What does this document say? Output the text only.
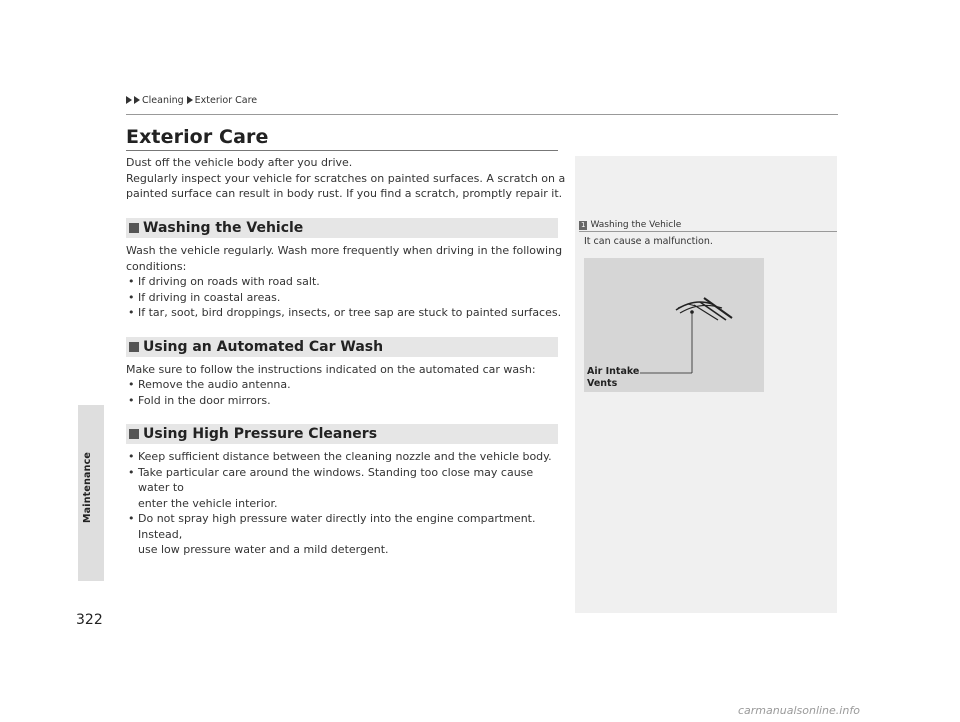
Maintenance
Cleaning Exterior Care
Exterior Care

Dust off the vehicle body after you drive.

Regularly inspect your vehicle for scratches on painted surfaces. A scratch on a

painted surface can result in body rust. If you find a scratch, promptly repair it.

Washing the Vehicle

Wash the vehicle regularly. Wash more frequently when driving in the following

conditions:

• If driving on roads with road salt.
• If driving in coastal areas.
• If tar, soot, bird droppings, insects, or tree sap are stuck to painted surfaces.
Using an Automated Car Wash

Make sure to follow the instructions indicated on the automated car wash:

• Remove the audio antenna.
• Fold in the door mirrors.
Using High Pressure Cleaners
• Keep sufficient distance between the cleaning nozzle and the vehicle body.
• Take particular care around the windows. Standing too close may cause water to
enter the vehicle interior.
• Do not spray high pressure water directly into the engine compartment. Instead,
use low pressure water and a mild detergent.
1 Washing the Vehicle

It can cause a malfunction.

Air Intake
Vents
322
carmanualsonline.info
